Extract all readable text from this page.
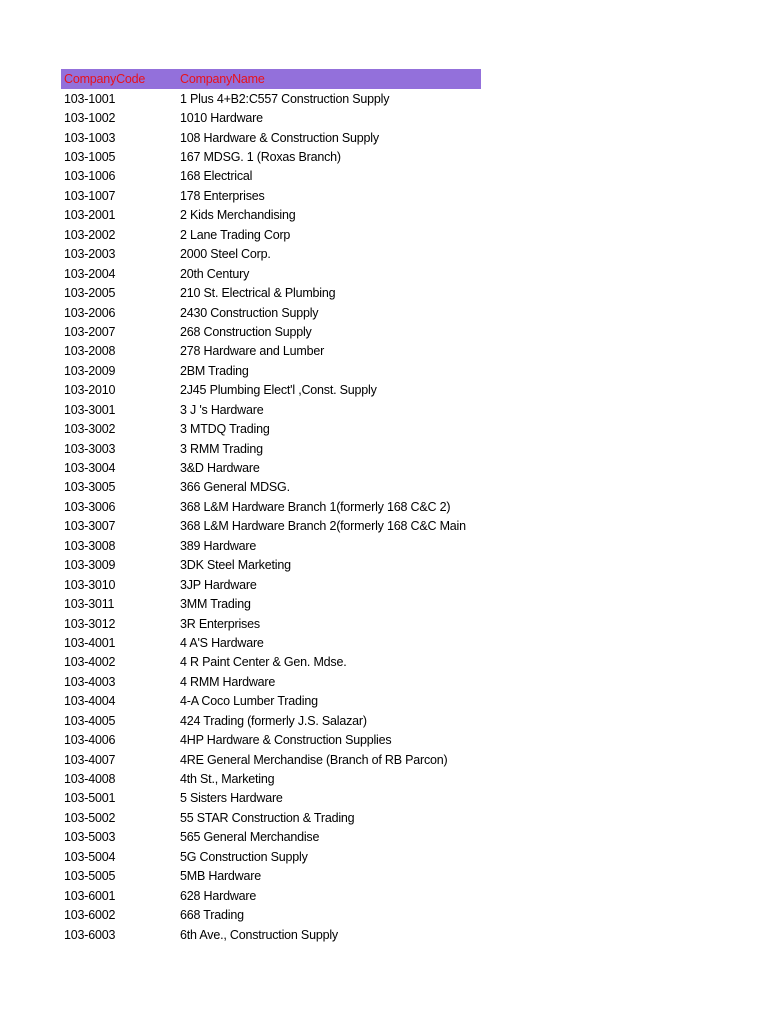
CompanyCode	CompanyName
103-1001	1 Plus 4+B2:C557 Construction Supply
103-1002	1010 Hardware
103-1003	108 Hardware & Construction Supply
103-1005	167 MDSG. 1 (Roxas Branch)
103-1006	168 Electrical
103-1007	178 Enterprises
103-2001	2 Kids Merchandising
103-2002	2 Lane Trading Corp
103-2003	2000 Steel Corp.
103-2004	20th Century
103-2005	210 St. Electrical & Plumbing
103-2006	2430 Construction Supply
103-2007	268 Construction Supply
103-2008	278 Hardware and Lumber
103-2009	2BM Trading
103-2010	2J45 Plumbing Elect'l ,Const. Supply
103-3001	3 J 's Hardware
103-3002	3 MTDQ Trading
103-3003	3 RMM Trading
103-3004	3&D Hardware
103-3005	366 General MDSG.
103-3006	368 L&M Hardware Branch 1(formerly 168 C&C 2)
103-3007	368 L&M Hardware Branch 2(formerly 168 C&C Main
103-3008	389 Hardware
103-3009	3DK Steel Marketing
103-3010	3JP Hardware
103-3011	3MM Trading
103-3012	3R Enterprises
103-4001	4 A'S Hardware
103-4002	4 R Paint Center & Gen. Mdse.
103-4003	4 RMM Hardware
103-4004	4-A Coco Lumber Trading
103-4005	424 Trading (formerly J.S. Salazar)
103-4006	4HP Hardware & Construction Supplies
103-4007	4RE General Merchandise (Branch of RB Parcon)
103-4008	4th St., Marketing
103-5001	5 Sisters Hardware
103-5002	55 STAR Construction & Trading
103-5003	565 General Merchandise
103-5004	5G Construction Supply
103-5005	5MB Hardware
103-6001	628 Hardware
103-6002	668 Trading
103-6003	6th Ave., Construction Supply
